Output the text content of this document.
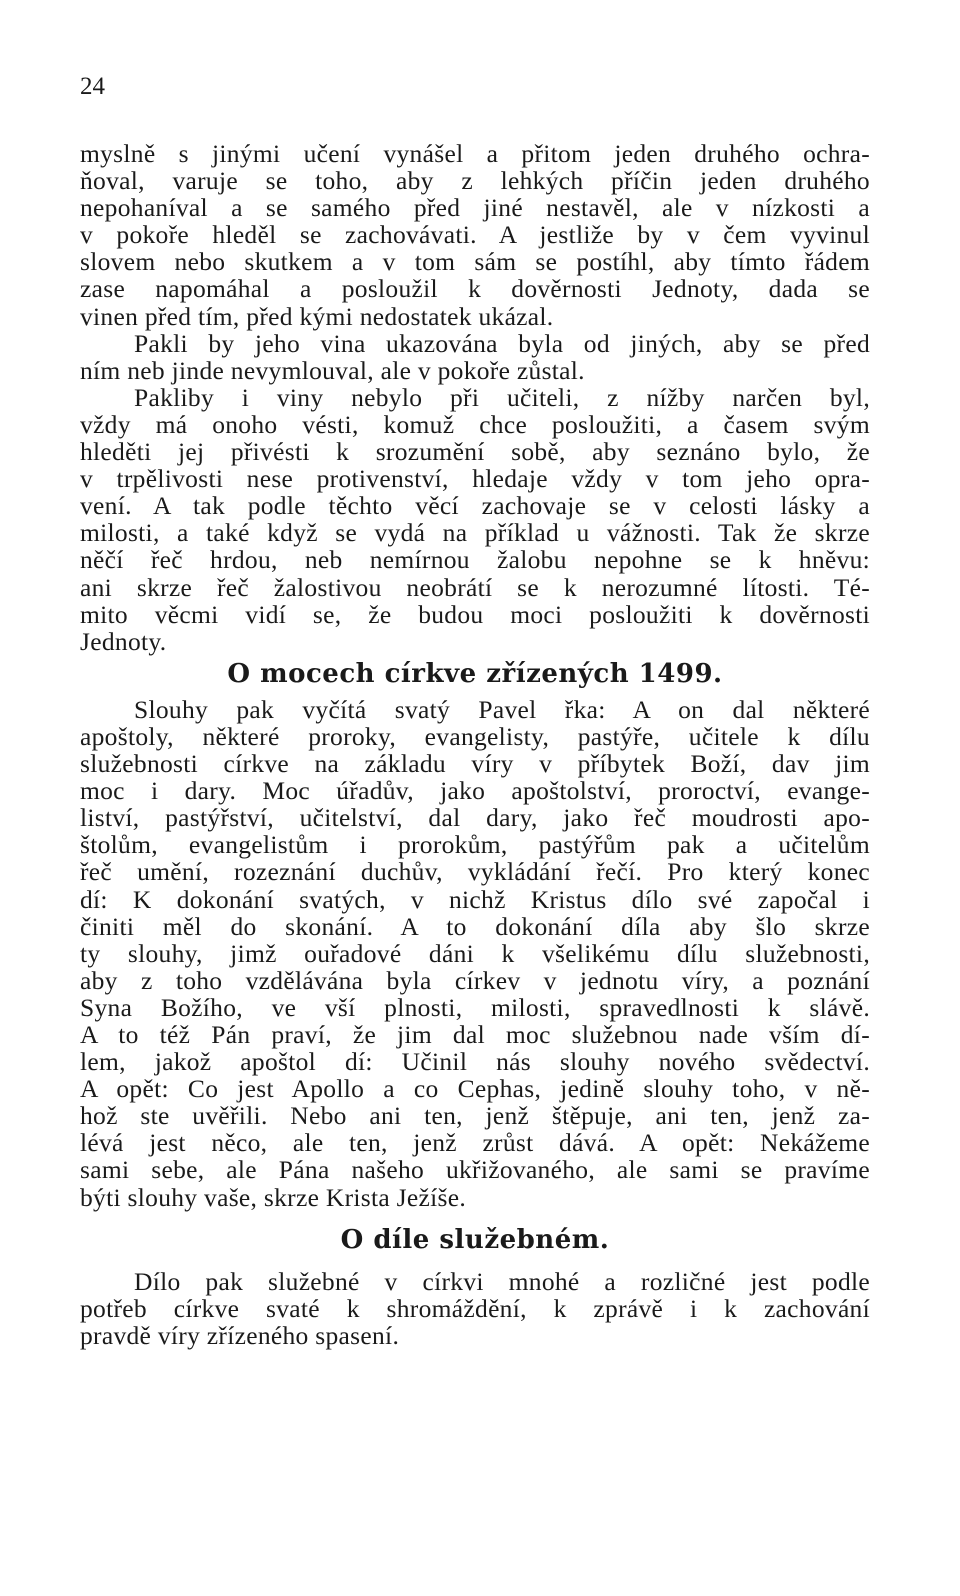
24
myslně s jinými učení vynášel a přitom jeden druhého ochra-
ňoval, varuje se toho, aby z lehkých příčin jeden druhého
nepohaníval a se samého před jiné nestavěl, ale v nízkosti a
v pokoře hleděl se zachovávati. A jestliže by v čem vyvinul
slovem nebo skutkem a v tom sám se postíhl, aby tímto řádem
zase napomáhal a posloužil k dověrnosti Jednoty, dada se
vinen před tím, před kými nedostatek ukázal.
Pakli by jeho vina ukazována byla od jiných, aby se před
ním neb jinde nevymlouval, ale v pokoře zůstal.
Pakliby i viny nebylo při učiteli, z nížby narčen byl,
vždy má onoho vésti, komuž chce posloužiti, a časem svým
hleděti jej přivésti k srozumění sobě, aby seznáno bylo, že
v trpělivosti nese protivenství, hledaje vždy v tom jeho opra-
vení. A tak podle těchto věcí zachovaje se v celosti lásky a
milosti, a také když se vydá na příklad u vážnosti. Tak že skrze
něčí řeč hrdou, neb nemírnou žalobu nepohne se k hněvu:
ani skrze řeč žalostivou neobrátí se k nerozumné lítosti. Té-
mito věcmi vidí se, že budou moci posloužiti k dověrnosti
Jednoty.
O mocech církve zřízených 1499.
Slouhy pak vyčítá svatý Pavel řka: A on dal některé
apoštoly, některé proroky, evangelisty, pastýře, učitele k dílu
služebnosti církve na základu víry v příbytek Boží, dav jim
moc i dary. Moc úřadův, jako apoštolství, proroctví, evange-
liství, pastýřství, učitelství, dal dary, jako řeč moudrosti apo-
štolům, evangelistům i prorokům, pastýřům pak a učitelům
řeč umění, rozeznání duchův, vykládání řečí. Pro který konec
dí: K dokonání svatých, v nichž Kristus dílo své započal i
činiti měl do skonání. A to dokonání díla aby šlo skrze
ty slouhy, jimž ouřadové dáni k všelikému dílu služebnosti,
aby z toho vzdělávána byla církev v jednotu víry, a poznání
Syna Božího, ve vší plnosti, milosti, spravedlnosti k slávě.
A to též Pán praví, že jim dal moc služebnou nade vším dí-
lem, jakož apoštol dí: Učinil nás slouhy nového svědectví.
A opět: Co jest Apollo a co Cephas, jedině slouhy toho, v ně-
hož ste uvěřili. Nebo ani ten, jenž štěpuje, ani ten, jenž za-
lévá jest něco, ale ten, jenž zrůst dává. A opět: Nekážeme
sami sebe, ale Pána našeho ukřižovaného, ale sami se pravíme
býti slouhy vaše, skrze Krista Ježíše.
O díle služebném.
Dílo pak služebné v církvi mnohé a rozličné jest podle
potřeb církve svaté k shromáždění, k zprávě i k zachování
pravdě víry zřízeného spasení.
